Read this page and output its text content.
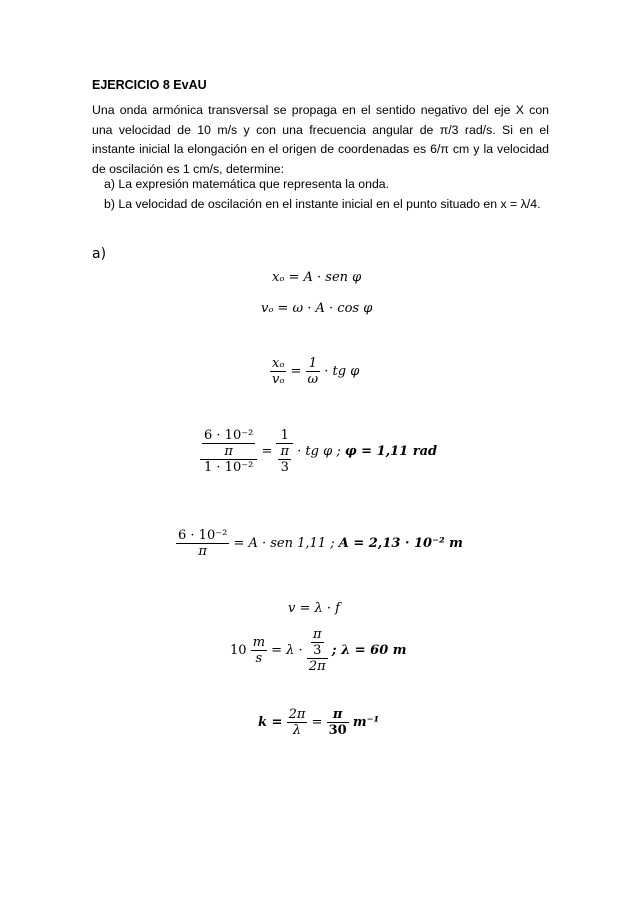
EJERCICIO 8 EvAU
Una onda armónica transversal se propaga en el sentido negativo del eje X con una velocidad de 10 m/s y con una frecuencia angular de π/3 rad/s. Si en el instante inicial la elongación en el origen de coordenadas es 6/π cm y la velocidad de oscilación es 1 cm/s, determine:
a) La expresión matemática que representa la onda.
b) La velocidad de oscilación en el instante inicial en el punto situado en x = λ/4.
a)
xₒ = A · sen φ
vₒ = ω · A · cos φ
$\frac{\text{xₒ}}{\text{vₒ}} = \frac{1}{\omega}$ · tg φ
$\frac{\frac{\text{6 · 10⁻²}}{\pi}}{\text{1 · 10⁻²}} = \frac{1}{\frac{\pi}{3}}$ · tg φ ; φ = 1,11 rad
$\frac{\text{6 · 10⁻²}}{\pi} = A$ · sen 1,11 ; A = 2,13 · 10⁻² m
v = λ · f
$10 \frac{m}{s} = \lambda \cdot \frac{\frac{\pi}{3}}{2\pi}$ ; λ = 60 m
$k = \frac{2\pi}{\lambda} = \frac{\pi}{30} m^{-1}$
